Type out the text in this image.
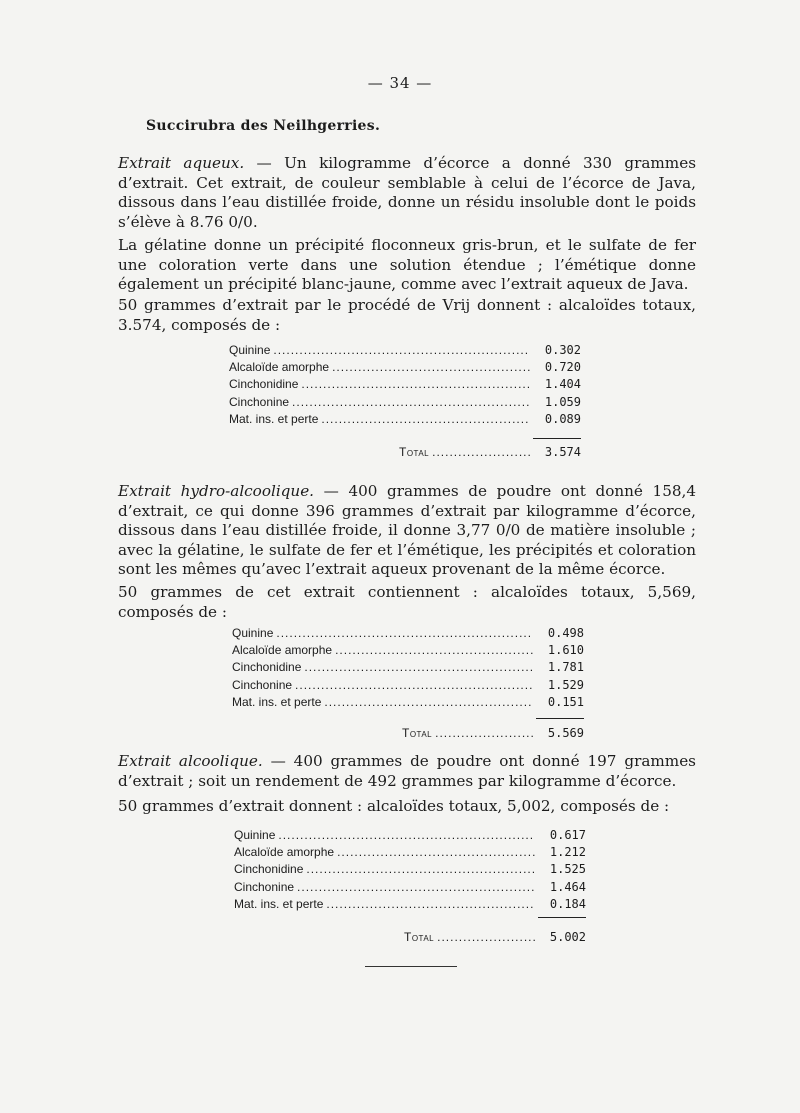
— 34 —
Succirubra des Neilhgerries.

Extrait aqueux. — Un kilogramme d’écorce a donné 330 grammes d’extrait. Cet extrait, de couleur semblable à celui de l’écorce de Java, dissous dans l’eau distillée froide, donne un résidu insoluble dont le poids s’élève à 8.76 0/0.

La gélatine donne un précipité floconneux gris-brun, et le sulfate de fer une coloration verte dans une solution étendue ; l’émétique donne également un précipité blanc-jaune, comme avec l’extrait aqueux de Java.

50 grammes d’extrait par le procédé de Vrij donnent : alcaloïdes totaux, 3.574, composés de :

Quinine .....	0.302
Alcaloïde amorphe .....	0.720
Cinchonidine .....	1.404
Cinchonine .....	1.059
Mat. ins. et perte .....	0.089
Total .....	3.574

Extrait hydro-alcoolique. — 400 grammes de poudre ont donné 158,4 d’extrait, ce qui donne 396 grammes d’extrait par kilogramme d’écorce, dissous dans l’eau distillée froide, il donne 3,77 0/0 de matière insoluble ; avec la gélatine, le sulfate de fer et l’émétique, les précipités et coloration sont les mêmes qu’avec l’extrait aqueux provenant de la même écorce.

50 grammes de cet extrait contiennent : alcaloïdes totaux, 5,569, composés de :

Quinine .....	0.498
Alcaloïde amorphe .....	1.610
Cinchonidine .....	1.781
Cinchonine .....	1.529
Mat. ins. et perte .....	0.151
Total .....	5.569

Extrait alcoolique. — 400 grammes de poudre ont donné 197 grammes d’extrait ; soit un rendement de 492 grammes par kilogramme d’écorce.

50 grammes d’extrait donnent : alcaloïdes totaux, 5,002, composés de :

Quinine .....	0.617
Alcaloïde amorphe .....	1.212
Cinchonidine .....	1.525
Cinchonine .....	1.464
Mat. ins. et perte .....	0.184
Total .....	5.002
